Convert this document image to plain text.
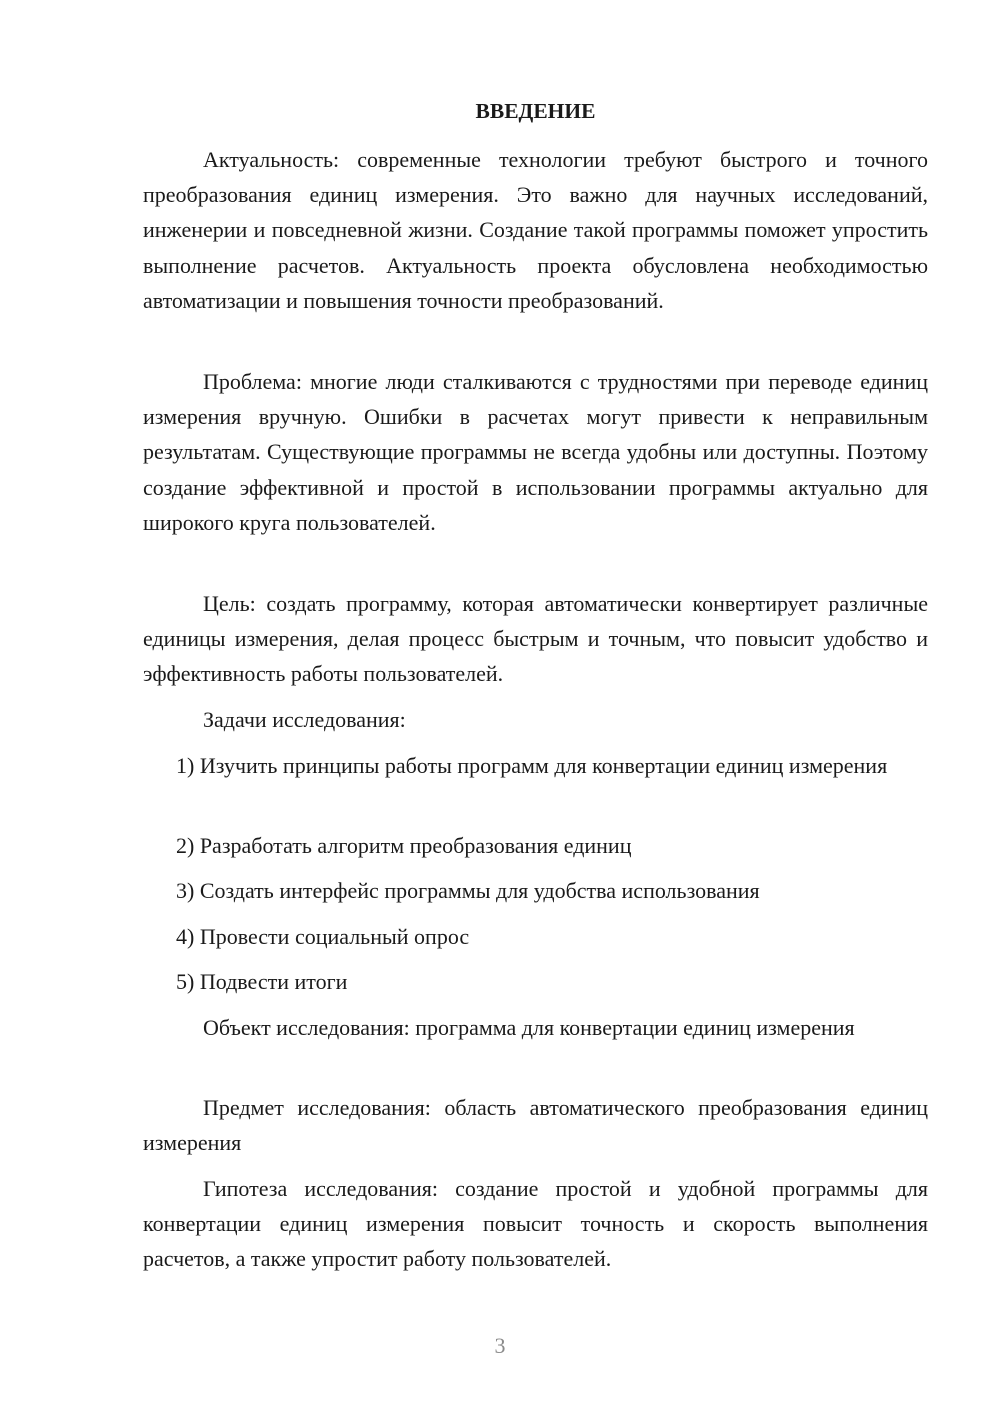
ВВЕДЕНИЕ

Актуальность: современные технологии требуют быстрого и точного преобразования единиц измерения. Это важно для научных исследований, инженерии и повседневной жизни. Создание такой программы поможет упростить выполнение расчетов. Актуальность проекта обусловлена необходимостью автоматизации и повышения точности преобразований.

Проблема: многие люди сталкиваются с трудностями при переводе единиц измерения вручную. Ошибки в расчетах могут привести к неправильным результатам. Существующие программы не всегда удобны или доступны. Поэтому создание эффективной и простой в использовании программы актуально для широкого круга пользователей.

Цель: создать программу, которая автоматически конвертирует различные единицы измерения, делая процесс быстрым и точным, что повысит удобство и эффективность работы пользователей.

Задачи исследования:

1) Изучить принципы работы программ для конвертации единиц измерения

2) Разработать алгоритм преобразования единиц

3) Создать интерфейс программы для удобства использования

4) Провести социальный опрос

5) Подвести итоги

Объект исследования: программа для конвертации единиц измерения

Предмет исследования: область автоматического преобразования единиц измерения

Гипотеза исследования: создание простой и удобной программы для конвертации единиц измерения повысит точность и скорость выполнения расчетов, а также упростит работу пользователей.

3
